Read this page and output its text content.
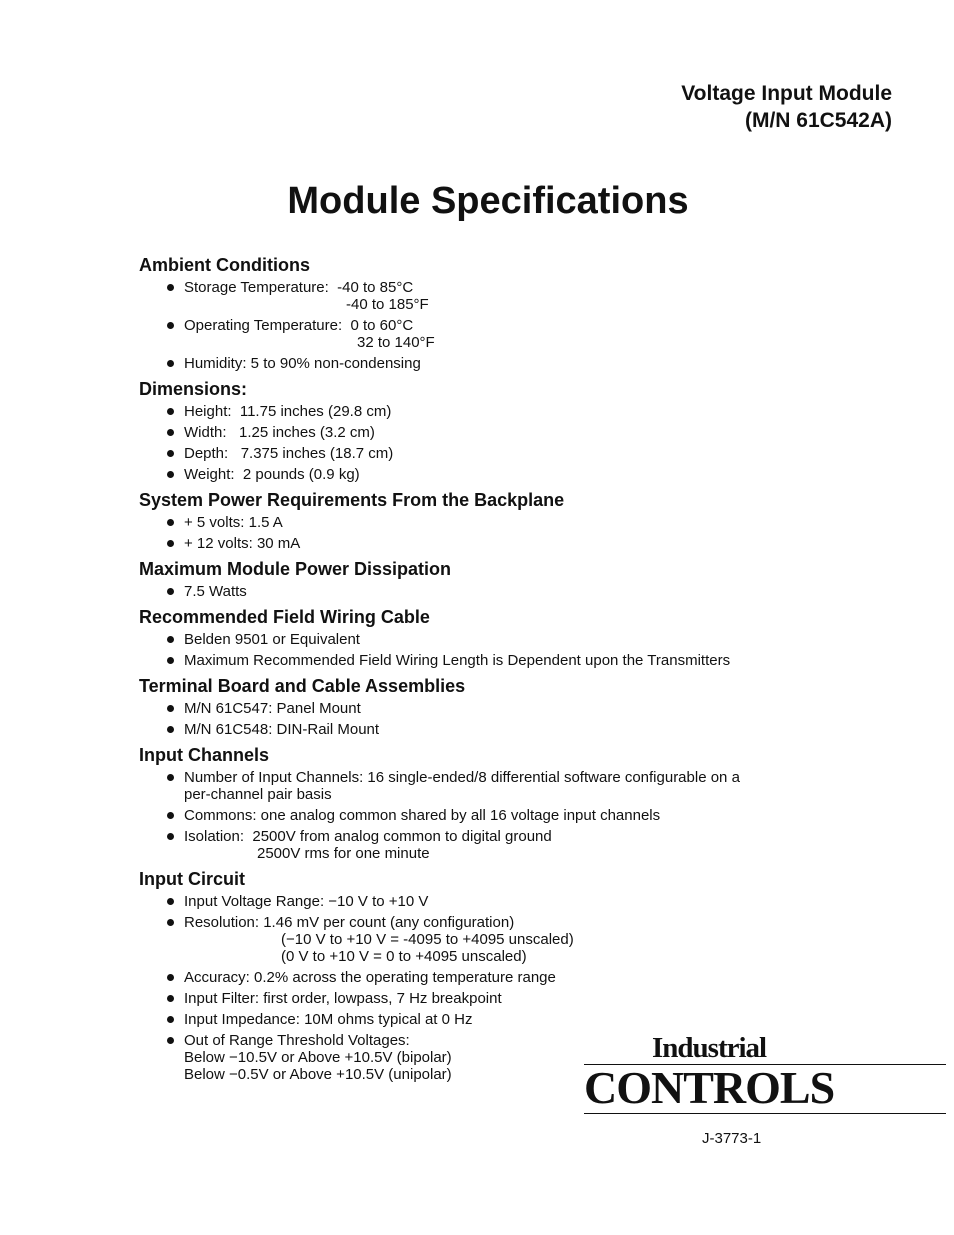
Voltage Input Module
(M/N 61C542A)
Module Specifications
Ambient Conditions
Storage Temperature:  -40 to 85°C
-40 to 185°F
Operating Temperature:  0 to 60°C
32 to 140°F
Humidity: 5 to 90% non-condensing
Dimensions:
Height:  11.75 inches (29.8 cm)
Width:   1.25 inches (3.2 cm)
Depth:   7.375 inches (18.7 cm)
Weight:  2 pounds (0.9 kg)
System Power Requirements From the Backplane
+ 5 volts: 1.5 A
+ 12 volts: 30 mA
Maximum Module Power Dissipation
7.5 Watts
Recommended Field Wiring Cable
Belden 9501 or Equivalent
Maximum Recommended Field Wiring Length is Dependent upon the Transmitters
Terminal Board and Cable Assemblies
M/N 61C547: Panel Mount
M/N 61C548: DIN-Rail Mount
Input Channels
Number of Input Channels: 16 single-ended/8 differential software configurable on a
per-channel pair basis
Commons: one analog common shared by all 16 voltage input channels
Isolation:  2500V from analog common to digital ground
2500V rms for one minute
Input Circuit
Input Voltage Range: −10 V to +10 V
Resolution: 1.46 mV per count (any configuration)
(−10 V to +10 V = -4095 to +4095 unscaled)
(0 V to +10 V = 0 to +4095 unscaled)
Accuracy: 0.2% across the operating temperature range
Input Filter: first order, lowpass, 7 Hz breakpoint
Input Impedance: 10M ohms typical at 0 Hz
Out of Range Threshold Voltages:
Below −10.5V or Above +10.5V (bipolar)
Below −0.5V or Above +10.5V (unipolar)
Industrial
CONTROLS
J-3773-1
